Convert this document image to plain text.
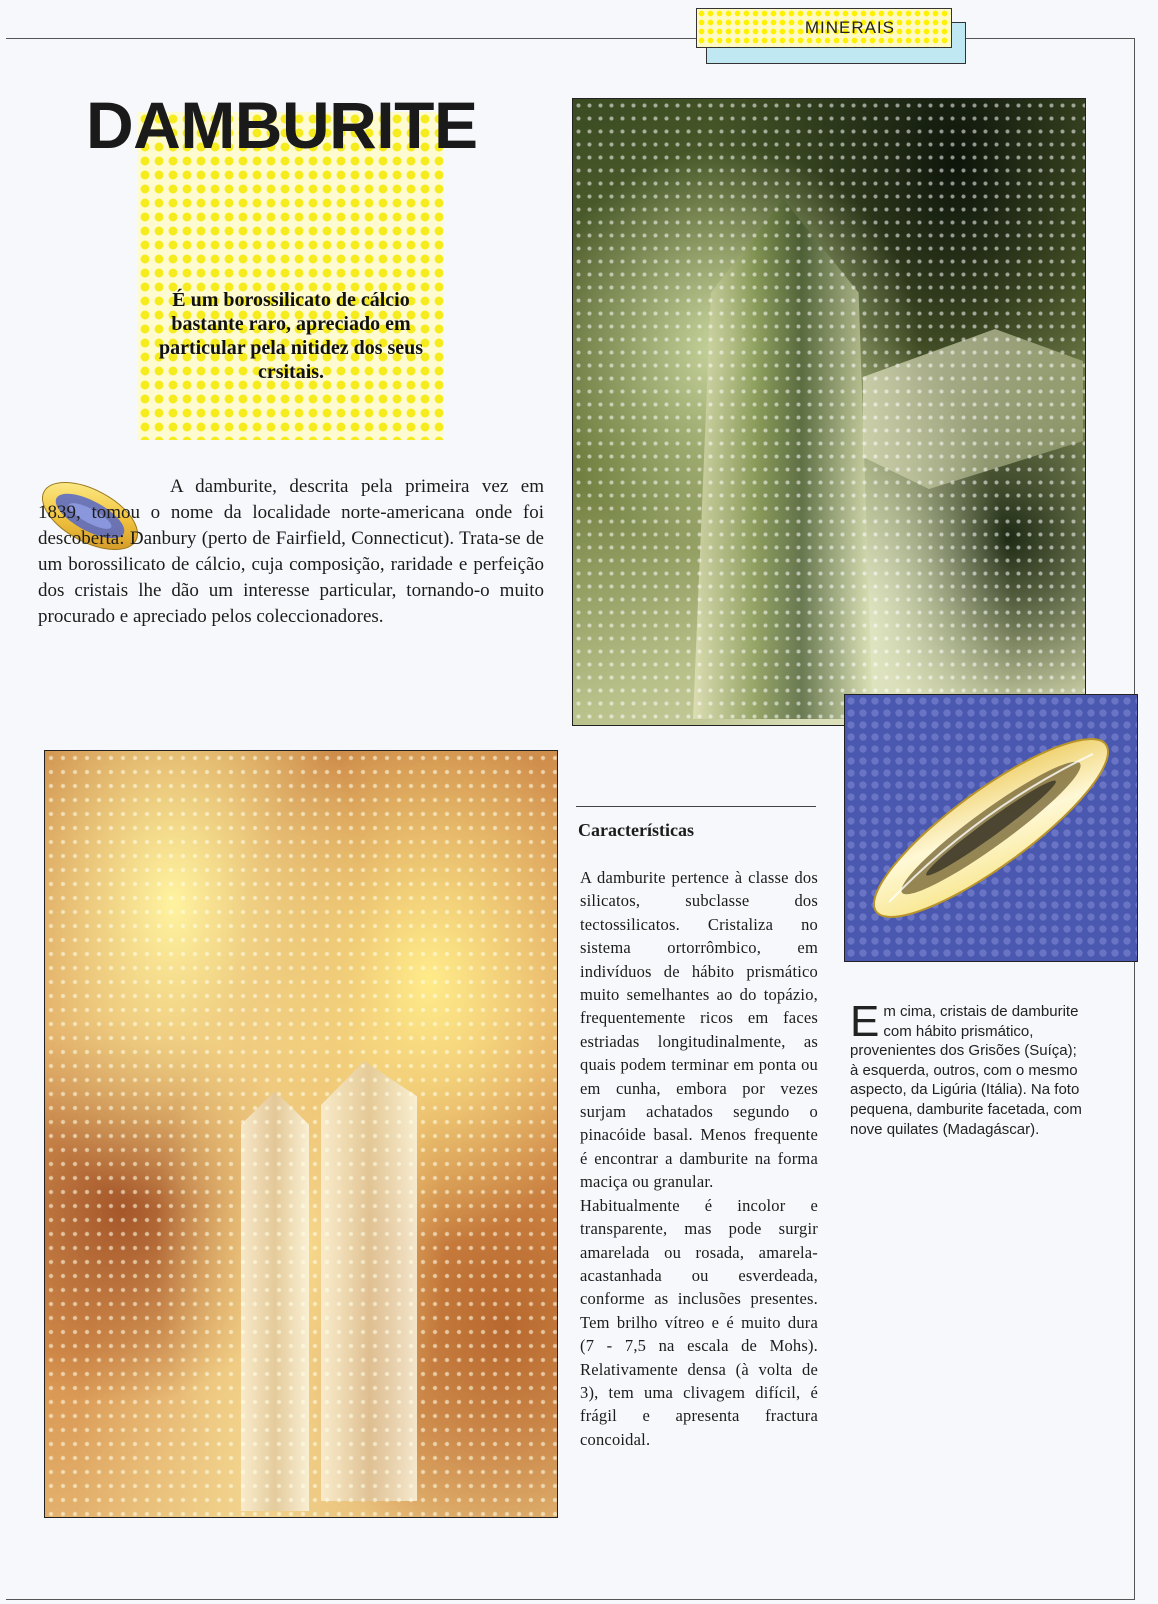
MINERAIS
DAMBURITE

É um borossilicato de cálcio bastante raro, apreciado em particular pela nitidez dos seus crsitais.

A damburite, descrita pela primeira vez em 1839, tomou o nome da localidade norte-americana onde foi descoberta: Danbury (perto de Fairfield, Connecticut). Trata-se de um borossilicato de cálcio, cuja composição, raridade e perfeição dos cristais lhe dão um interesse particular, tornando-o muito procurado e apreciado pelos coleccionadores.

Características

A damburite pertence à classe dos silicatos, subclasse dos tectossilicatos. Cristaliza no sistema ortorrômbico, em indivíduos de hábito prismático muito semelhantes ao do topázio, frequentemente ricos em faces estriadas longitudinalmente, as quais podem terminar em ponta ou em cunha, embora por vezes surjam achatados segundo o pinacóide basal. Menos frequente é encontrar a damburite na forma maciça ou granular.

Habitualmente é incolor e transparente, mas pode surgir amarelada ou rosada, amarela-acastanhada ou esverdeada, conforme as inclusões presentes. Tem brilho vítreo e é muito dura (7 - 7,5 na escala de Mohs). Relativamente densa (à volta de 3), tem uma clivagem difícil, é frágil e apresenta fractura concoidal.

Em cima, cristais de damburite com hábito prismático, provenientes dos Grisões (Suíça); à esquerda, outros, com o mesmo aspecto, da Ligúria (Itália). Na foto pequena, damburite facetada, com nove quilates (Madagáscar).
